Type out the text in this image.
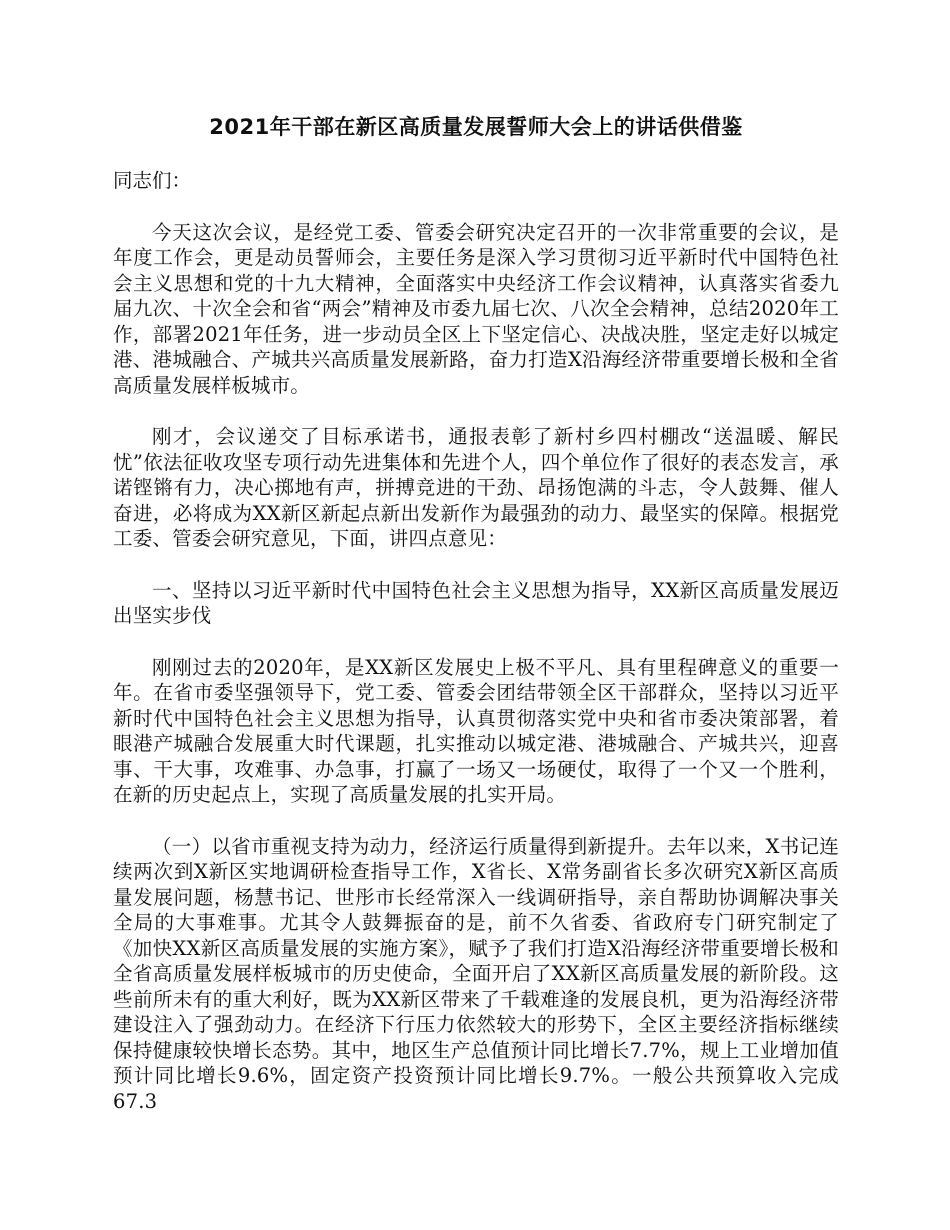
2021年干部在新区高质量发展誓师大会上的讲话供借鉴

同志们：

今天这次会议，是经党工委、管委会研究决定召开的一次非常重要的会议，是年度工作会，更是动员誓师会，主要任务是深入学习贯彻习近平新时代中国特色社会主义思想和党的十九大精神，全面落实中央经济工作会议精神，认真落实省委九届九次、十次全会和省“两会”精神及市委九届七次、八次全会精神，总结2020年工作，部署2021年任务，进一步动员全区上下坚定信心、决战决胜，坚定走好以城定港、港城融合、产城共兴高质量发展新路，奋力打造X沿海经济带重要增长极和全省高质量发展样板城市。

刚才，会议递交了目标承诺书，通报表彰了新村乡四村棚改“送温暖、解民忧”依法征收攻坚专项行动先进集体和先进个人，四个单位作了很好的表态发言，承诺铿锵有力，决心掷地有声，拼搏竞进的干劲、昂扬饱满的斗志，令人鼓舞、催人奋进，必将成为XX新区新起点新出发新作为最强劲的动力、最坚实的保障。根据党工委、管委会研究意见，下面，讲四点意见：

一、坚持以习近平新时代中国特色社会主义思想为指导，XX新区高质量发展迈出坚实步伐

刚刚过去的2020年，是XX新区发展史上极不平凡、具有里程碑意义的重要一年。在省市委坚强领导下，党工委、管委会团结带领全区干部群众，坚持以习近平新时代中国特色社会主义思想为指导，认真贯彻落实党中央和省市委决策部署，着眼港产城融合发展重大时代课题，扎实推动以城定港、港城融合、产城共兴，迎喜事、干大事，攻难事、办急事，打赢了一场又一场硬仗，取得了一个又一个胜利，在新的历史起点上，实现了高质量发展的扎实开局。

（一）以省市重视支持为动力，经济运行质量得到新提升。去年以来，X书记连续两次到X新区实地调研检查指导工作，X省长、X常务副省长多次研究X新区高质量发展问题，杨慧书记、世彤市长经常深入一线调研指导，亲自帮助协调解决事关全局的大事难事。尤其令人鼓舞振奋的是，前不久省委、省政府专门研究制定了《加快XX新区高质量发展的实施方案》，赋予了我们打造X沿海经济带重要增长极和全省高质量发展样板城市的历史使命，全面开启了XX新区高质量发展的新阶段。这些前所未有的重大利好，既为XX新区带来了千载难逢的发展良机，更为沿海经济带建设注入了强劲动力。在经济下行压力依然较大的形势下，全区主要经济指标继续保持健康较快增长态势。其中，地区生产总值预计同比增长7.7%，规上工业增加值预计同比增长9.6%，固定资产投资预计同比增长9.7%。一般公共预算收入完成67.3
